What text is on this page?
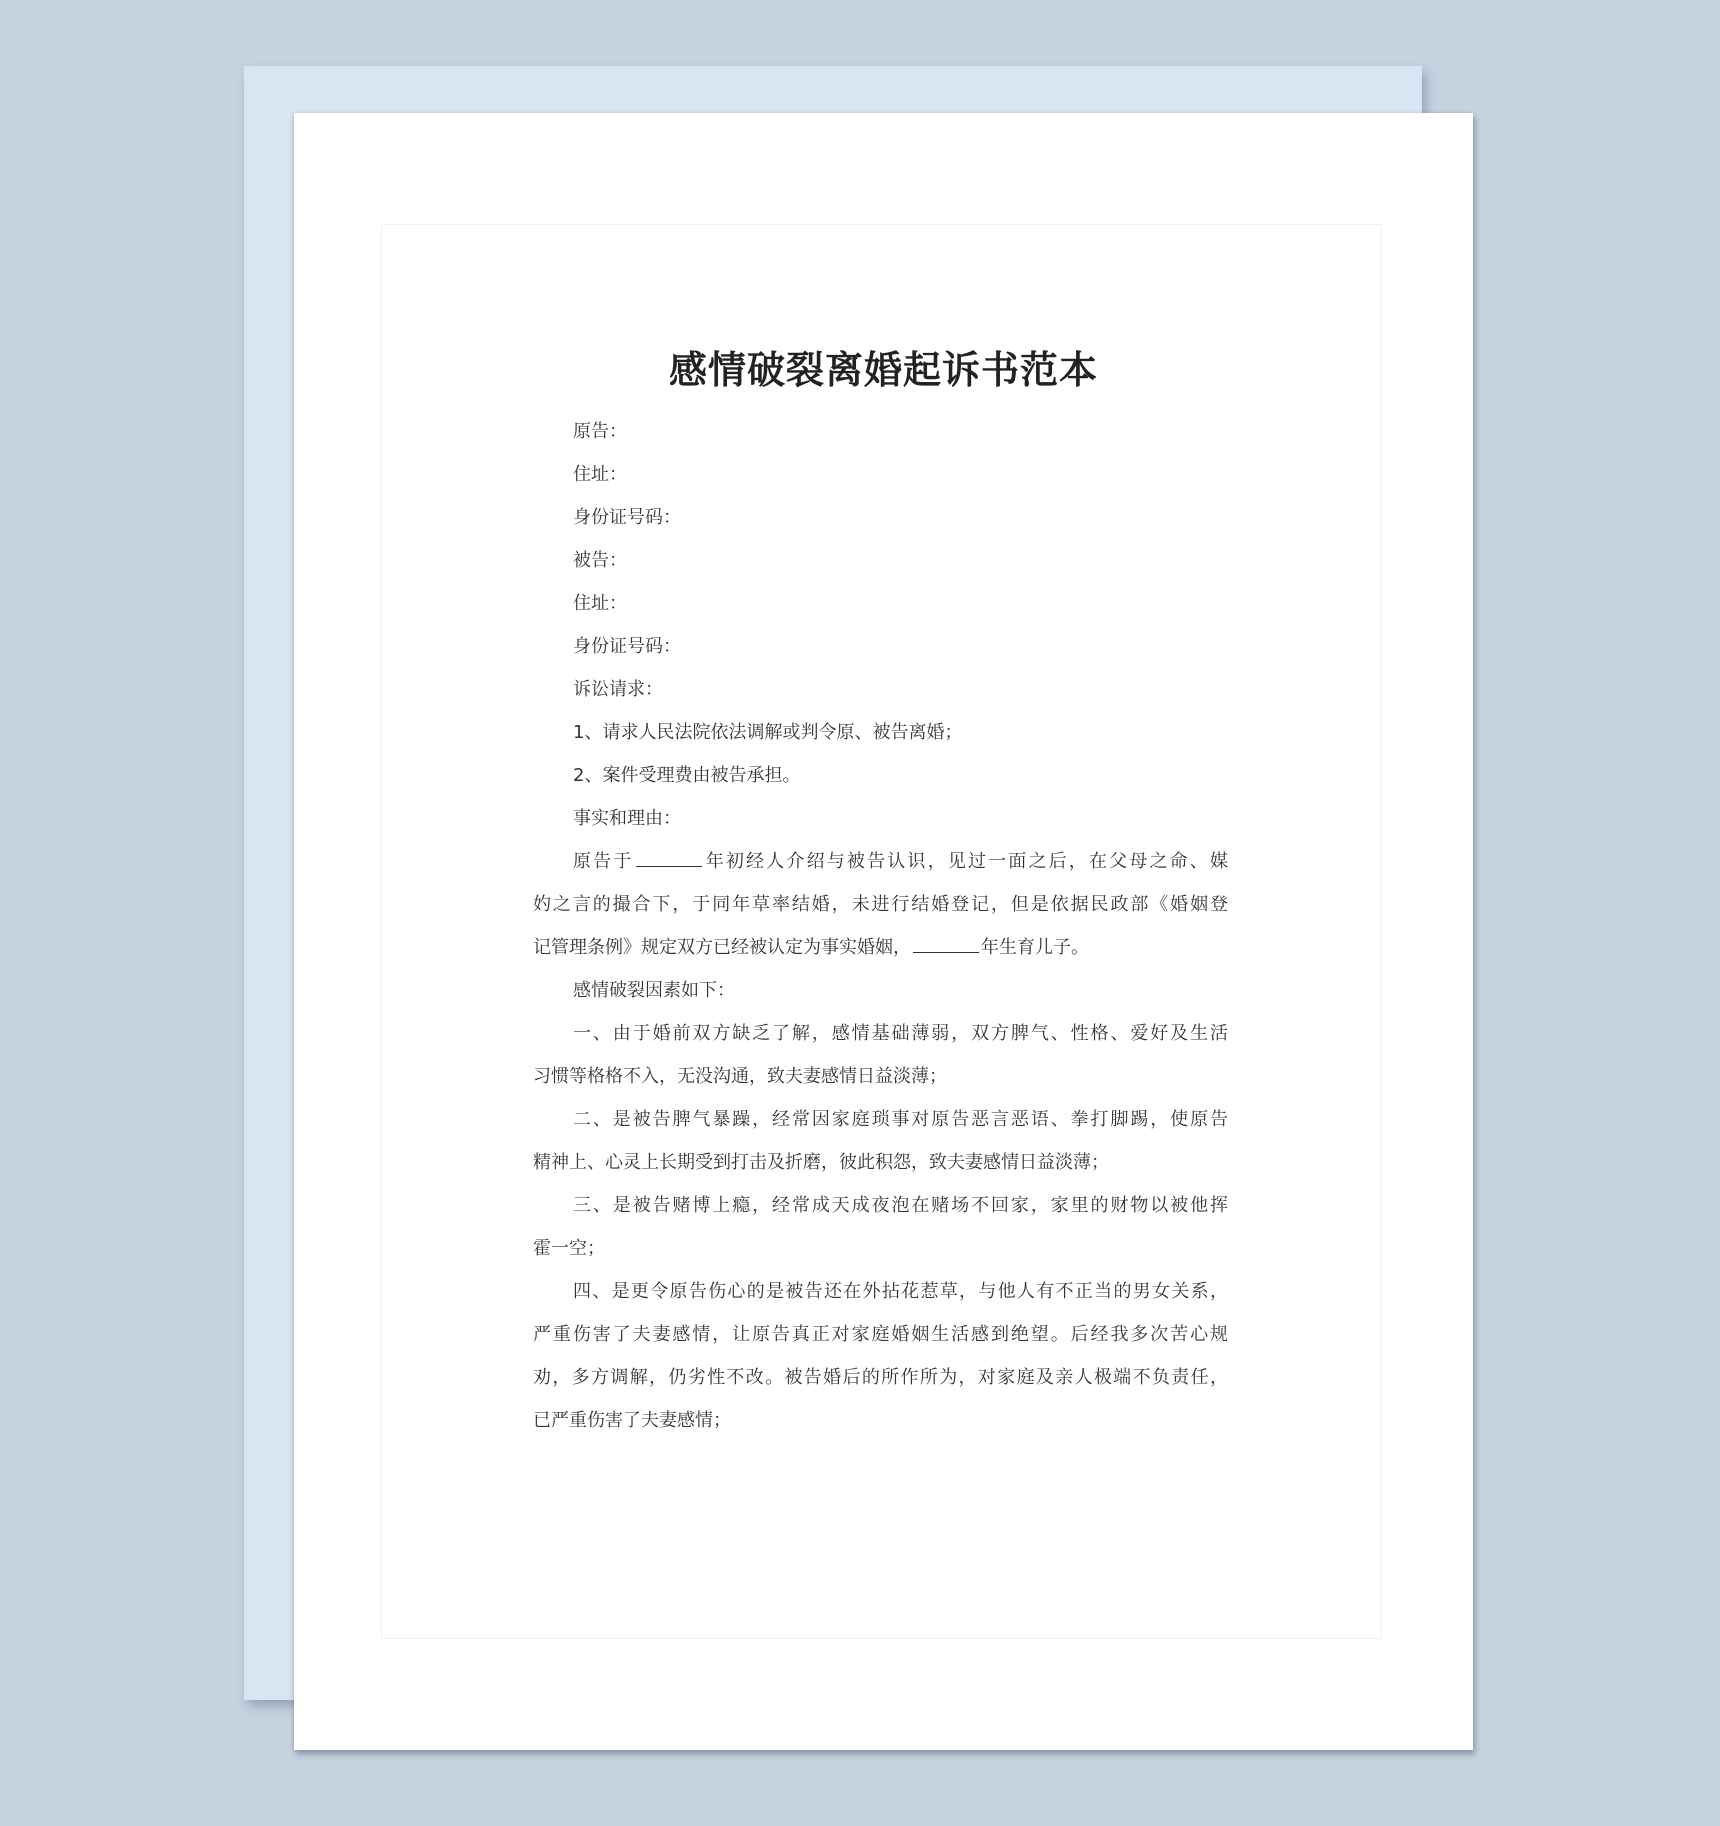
感情破裂离婚起诉书范本
原告：
住址：
身份证号码：
被告：
住址：
身份证号码：
诉讼请求：
1、请求人民法院依法调解或判令原、被告离婚；
2、案件受理费由被告承担。
事实和理由：
原告于	年初经人介绍与被告认识，见过一面之后，在父母之命、媒
妁之言的撮合下，于同年草率结婚，未进行结婚登记，但是依据民政部《婚姻登
记管理条例》规定双方已经被认定为事实婚姻，	年生育儿子。
感情破裂因素如下：
一、由于婚前双方缺乏了解，感情基础薄弱，双方脾气、性格、爱好及生活
习惯等格格不入，无没沟通，致夫妻感情日益淡薄；
二、是被告脾气暴躁，经常因家庭琐事对原告恶言恶语、拳打脚踢，使原告
精神上、心灵上长期受到打击及折磨，彼此积怨，致夫妻感情日益淡薄；
三、是被告赌博上瘾，经常成天成夜泡在赌场不回家，家里的财物以被他挥
霍一空；
四、是更令原告伤心的是被告还在外拈花惹草，与他人有不正当的男女关系，
严重伤害了夫妻感情，让原告真正对家庭婚姻生活感到绝望。后经我多次苦心规
劝，多方调解，仍劣性不改。被告婚后的所作所为，对家庭及亲人极端不负责任，
已严重伤害了夫妻感情；
